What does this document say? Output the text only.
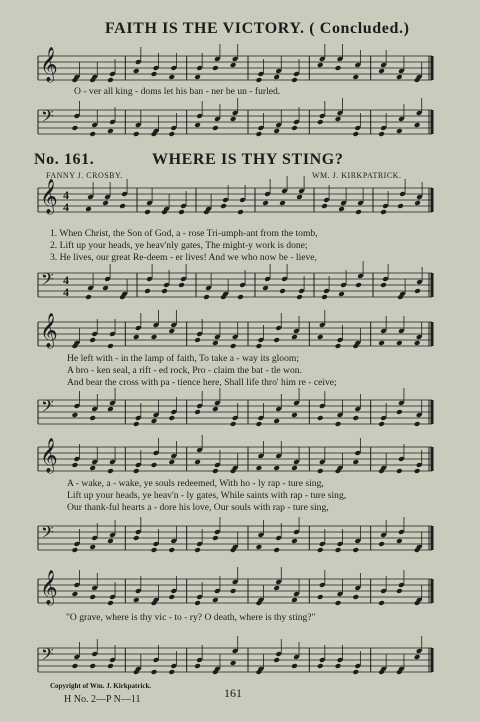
FAITH IS THE VICTORY. ( Concluded.)
𝄞
𝄢
𝄞
𝄢
4
4
4
4
𝄞
𝄢
𝄞
𝄢
𝄞
𝄢
O - ver all king - doms let his ban - ner be un - furled.
No. 161.	WHERE IS THY STING?
FANNY J. CROSBY.	WM. J. KIRKPATRICK.
1. When Christ, the Son of God, a - rose Tri-umph-ant from the tomb,
2. Lift up your heads, ye heav'nly gates, The might-y work is done;
3. He lives, our great Re-deem - er lives! And we who now be - lieve,
He left with - in the lamp of faith, To take a - way its gloom;
A bro - ken seal, a rift - ed rock, Pro - claim the bat - tle won.
And bear the cross with pa - tience here, Shall life thro' him re - ceive;
A - wake, a - wake, ye souls redeemed, With ho - ly rap - ture sing,
Lift up your heads, ye heav'n - ly gates, While saints with rap - ture sing,
Our thank-ful hearts a - dore his love, Our souls with rap - ture sing,
"O grave, where is thy vic - to - ry? O death, where is thy sting?"
Copyright of Wm. J. Kirkpatrick.
H No. 2—P N—11	161
